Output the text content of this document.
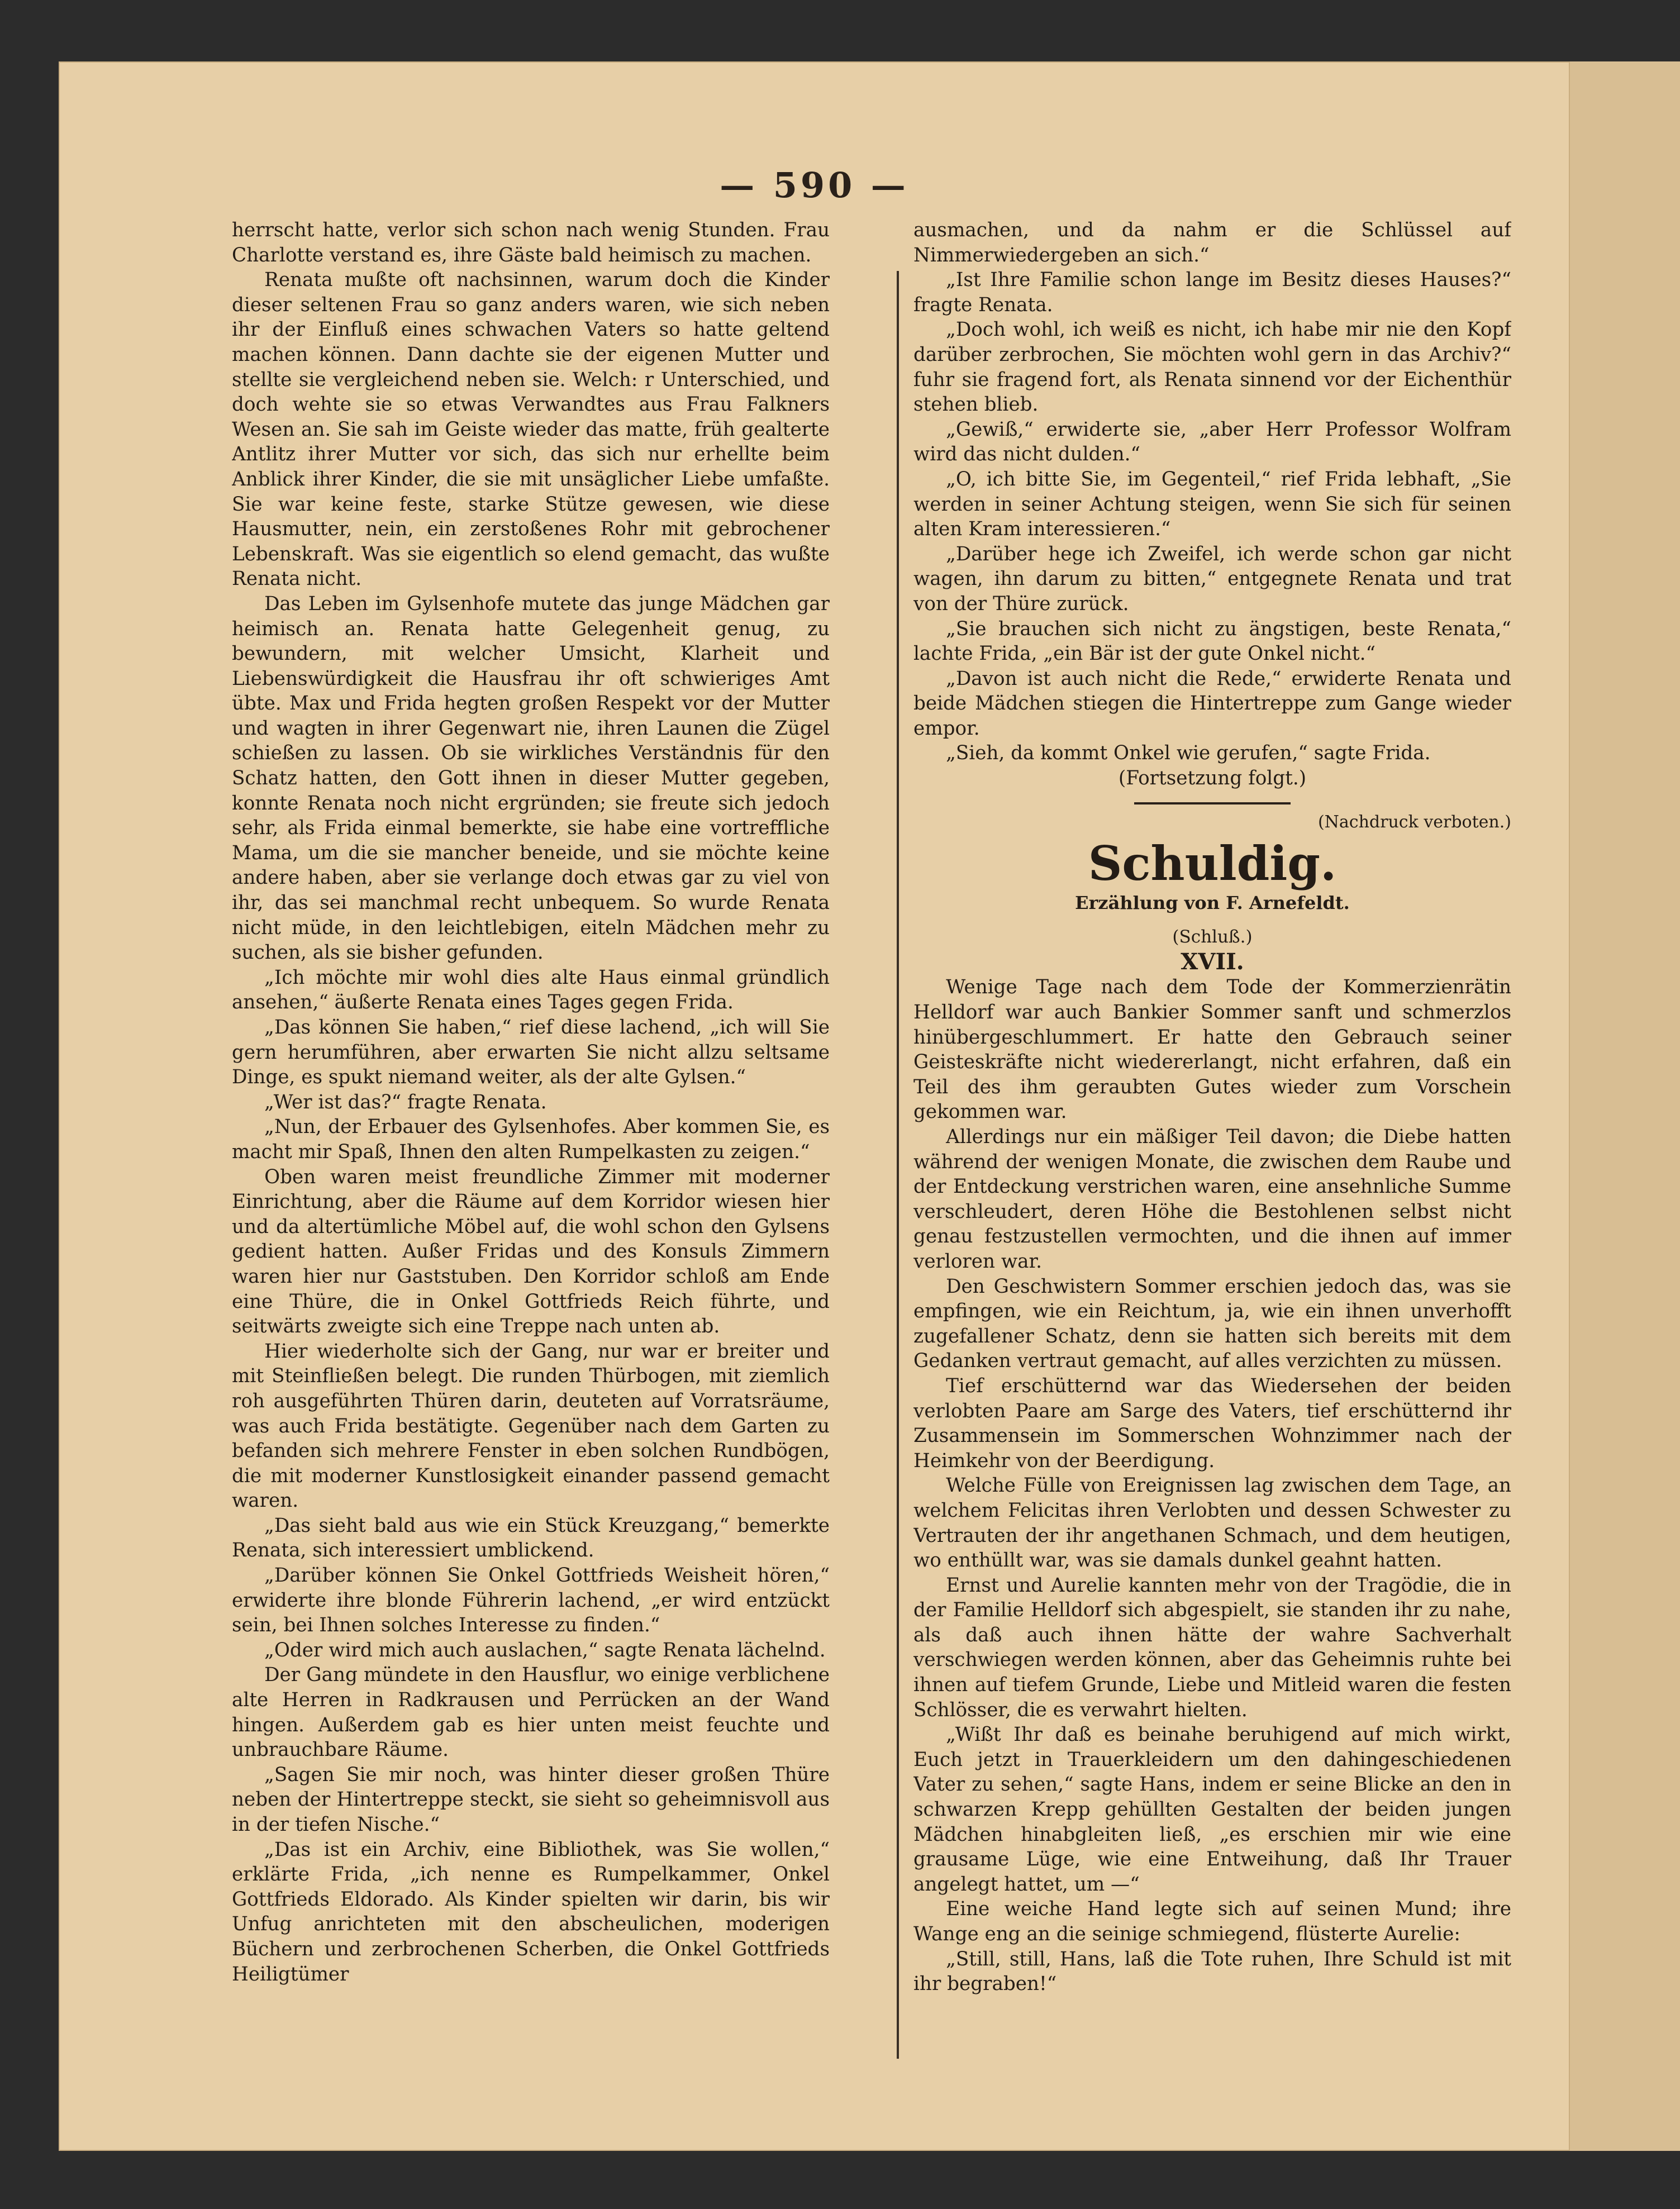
— 590 —

herrscht hatte, verlor sich schon nach wenig Stunden. Frau Charlotte verstand es, ihre Gäste bald heimisch zu machen.

Renata mußte oft nachsinnen, warum doch die Kinder dieser seltenen Frau so ganz anders waren, wie sich neben ihr der Einfluß eines schwachen Vaters so hatte geltend machen können. Dann dachte sie der eigenen Mutter und stellte sie vergleichend neben sie. Welch: r Unterschied, und doch wehte sie so etwas Verwandtes aus Frau Falkners Wesen an. Sie sah im Geiste wieder das matte, früh gealterte Antlitz ihrer Mutter vor sich, das sich nur erhellte beim Anblick ihrer Kinder, die sie mit unsäglicher Liebe umfaßte. Sie war keine feste, starke Stütze gewesen, wie diese Hausmutter, nein, ein zerstoßenes Rohr mit gebrochener Lebenskraft. Was sie eigentlich so elend gemacht, das wußte Renata nicht.

Das Leben im Gylsenhofe mutete das junge Mädchen gar heimisch an. Renata hatte Gelegenheit genug, zu bewundern, mit welcher Umsicht, Klarheit und Liebenswürdigkeit die Hausfrau ihr oft schwieriges Amt übte. Max und Frida hegten großen Respekt vor der Mutter und wagten in ihrer Gegenwart nie, ihren Launen die Zügel schießen zu lassen. Ob sie wirkliches Verständnis für den Schatz hatten, den Gott ihnen in dieser Mutter gegeben, konnte Renata noch nicht ergründen; sie freute sich jedoch sehr, als Frida einmal bemerkte, sie habe eine vortreffliche Mama, um die sie mancher beneide, und sie möchte keine andere haben, aber sie verlange doch etwas gar zu viel von ihr, das sei manchmal recht unbequem. So wurde Renata nicht müde, in den leichtlebigen, eiteln Mädchen mehr zu suchen, als sie bisher gefunden.

„Ich möchte mir wohl dies alte Haus einmal gründlich ansehen,“ äußerte Renata eines Tages gegen Frida.

„Das können Sie haben,“ rief diese lachend, „ich will Sie gern herumführen, aber erwarten Sie nicht allzu seltsame Dinge, es spukt niemand weiter, als der alte Gylsen.“

„Wer ist das?“ fragte Renata.

„Nun, der Erbauer des Gylsenhofes. Aber kommen Sie, es macht mir Spaß, Ihnen den alten Rumpelkasten zu zeigen.“

Oben waren meist freundliche Zimmer mit moderner Einrichtung, aber die Räume auf dem Korridor wiesen hier und da altertümliche Möbel auf, die wohl schon den Gylsens gedient hatten. Außer Fridas und des Konsuls Zimmern waren hier nur Gaststuben. Den Korridor schloß am Ende eine Thüre, die in Onkel Gottfrieds Reich führte, und seitwärts zweigte sich eine Treppe nach unten ab.

Hier wiederholte sich der Gang, nur war er breiter und mit Steinfließen belegt. Die runden Thürbogen, mit ziemlich roh ausgeführten Thüren darin, deuteten auf Vorratsräume, was auch Frida bestätigte. Gegenüber nach dem Garten zu befanden sich mehrere Fenster in eben solchen Rundbögen, die mit moderner Kunstlosigkeit einander passend gemacht waren.

„Das sieht bald aus wie ein Stück Kreuzgang,“ bemerkte Renata, sich interessiert umblickend.

„Darüber können Sie Onkel Gottfrieds Weisheit hören,“ erwiderte ihre blonde Führerin lachend, „er wird entzückt sein, bei Ihnen solches Interesse zu finden.“

„Oder wird mich auch auslachen,“ sagte Renata lächelnd.

Der Gang mündete in den Hausflur, wo einige verblichene alte Herren in Radkrausen und Perrücken an der Wand hingen. Außerdem gab es hier unten meist feuchte und unbrauchbare Räume.

„Sagen Sie mir noch, was hinter dieser großen Thüre neben der Hintertreppe steckt, sie sieht so geheimnisvoll aus in der tiefen Nische.“

„Das ist ein Archiv, eine Bibliothek, was Sie wollen,“ erklärte Frida, „ich nenne es Rumpelkammer, Onkel Gottfrieds Eldorado. Als Kinder spielten wir darin, bis wir Unfug anrichteten mit den abscheulichen, moderigen Büchern und zerbrochenen Scherben, die Onkel Gottfrieds Heiligtümer

ausmachen, und da nahm er die Schlüssel auf Nimmerwiedergeben an sich.“

„Ist Ihre Familie schon lange im Besitz dieses Hauses?“ fragte Renata.

„Doch wohl, ich weiß es nicht, ich habe mir nie den Kopf darüber zerbrochen, Sie möchten wohl gern in das Archiv?“ fuhr sie fragend fort, als Renata sinnend vor der Eichenthür stehen blieb.

„Gewiß,“ erwiderte sie, „aber Herr Professor Wolfram wird das nicht dulden.“

„O, ich bitte Sie, im Gegenteil,“ rief Frida lebhaft, „Sie werden in seiner Achtung steigen, wenn Sie sich für seinen alten Kram interessieren.“

„Darüber hege ich Zweifel, ich werde schon gar nicht wagen, ihn darum zu bitten,“ entgegnete Renata und trat von der Thüre zurück.

„Sie brauchen sich nicht zu ängstigen, beste Renata,“ lachte Frida, „ein Bär ist der gute Onkel nicht.“

„Davon ist auch nicht die Rede,“ erwiderte Renata und beide Mädchen stiegen die Hintertreppe zum Gange wieder empor.

„Sieh, da kommt Onkel wie gerufen,“ sagte Frida.

(Fortsetzung folgt.)
(Nachdruck verboten.)
Schuldig.
Erzählung von F. Arnefeldt.
(Schluß.)
XVII.

Wenige Tage nach dem Tode der Kommerzienrätin Helldorf war auch Bankier Sommer sanft und schmerzlos hinübergeschlummert. Er hatte den Gebrauch seiner Geisteskräfte nicht wiedererlangt, nicht erfahren, daß ein Teil des ihm geraubten Gutes wieder zum Vorschein gekommen war.

Allerdings nur ein mäßiger Teil davon; die Diebe hatten während der wenigen Monate, die zwischen dem Raube und der Entdeckung verstrichen waren, eine ansehnliche Summe verschleudert, deren Höhe die Bestohlenen selbst nicht genau festzustellen vermochten, und die ihnen auf immer verloren war.

Den Geschwistern Sommer erschien jedoch das, was sie empfingen, wie ein Reichtum, ja, wie ein ihnen unverhofft zugefallener Schatz, denn sie hatten sich bereits mit dem Gedanken vertraut gemacht, auf alles verzichten zu müssen.

Tief erschütternd war das Wiedersehen der beiden verlobten Paare am Sarge des Vaters, tief erschütternd ihr Zusammensein im Sommerschen Wohnzimmer nach der Heimkehr von der Beerdigung.

Welche Fülle von Ereignissen lag zwischen dem Tage, an welchem Felicitas ihren Verlobten und dessen Schwester zu Vertrauten der ihr angethanen Schmach, und dem heutigen, wo enthüllt war, was sie damals dunkel geahnt hatten.

Ernst und Aurelie kannten mehr von der Tragödie, die in der Familie Helldorf sich abgespielt, sie standen ihr zu nahe, als daß auch ihnen hätte der wahre Sachverhalt verschwiegen werden können, aber das Geheimnis ruhte bei ihnen auf tiefem Grunde, Liebe und Mitleid waren die festen Schlösser, die es verwahrt hielten.

„Wißt Ihr daß es beinahe beruhigend auf mich wirkt, Euch jetzt in Trauerkleidern um den dahingeschiedenen Vater zu sehen,“ sagte Hans, indem er seine Blicke an den in schwarzen Krepp gehüllten Gestalten der beiden jungen Mädchen hinabgleiten ließ, „es erschien mir wie eine grausame Lüge, wie eine Entweihung, daß Ihr Trauer angelegt hattet, um —“

Eine weiche Hand legte sich auf seinen Mund; ihre Wange eng an die seinige schmiegend, flüsterte Aurelie:

„Still, still, Hans, laß die Tote ruhen, Ihre Schuld ist mit ihr begraben!“
